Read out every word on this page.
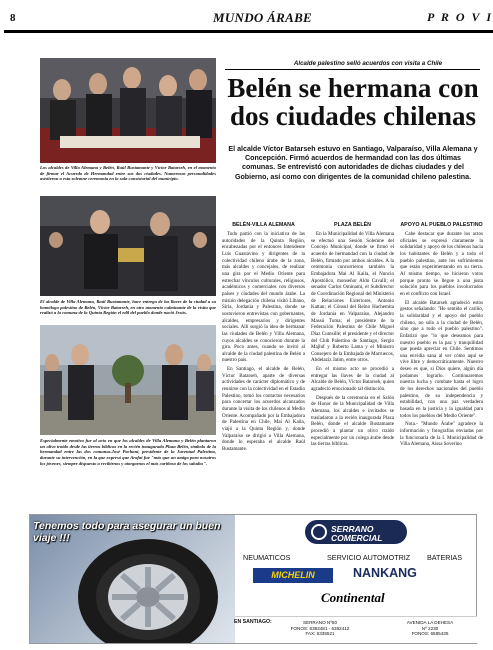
8	MUNDO ÁRABE	P R O V I
Los alcaldes de Villa Alemana y Belén, Raúl Bustamante y Víctor Batarseh, en el momento de firmar el Acuerdo de Hermandad entre sus dos ciudades. Numerosas personalidades asistieron a esta solemne ceremonia en la sala consistorial del municipio.
El alcalde de Villa Alemana, Raúl Bustamante, hace entrega de las llaves de la ciudad a su homólogo palestino de Belén, Víctor Batarseh, en otro momento culminante de la visita que realizó a la comuna de la Quinta Región el edil del pueblo donde nació Jesús.
Especialmente emotivo fue al acto en que los alcaldes de Villa Alemana y Belén plantaron un olivo traído desde las tierras bíblicas en la recién inaugurada Plaza Belén, símbolo de la hermandad entre las dos comunas.José Pachani, presidente de la Juventud Palestina, durante su intervención, en la que expresó que Arafat fue "más que un amigo para nosotros los jóvenes, siempre dispuesto a recibirnos y otorgarnos el más cariñoso de los saludos".
Alcalde palestino selló acuerdos con visita a Chile
Belén se hermana con dos ciudades chilenas
El alcalde Víctor Batarseh estuvo en Santiago, Valparaíso, Villa Alemana y Concepción. Firmó acuerdos de hermandad con las dos últimas comunas. Se entrevistó con autoridades de dichas ciudades y del Gobierno, así como con dirigentes de la comunidad chileno palestina.
BELÉN-VILLA ALEMANA

Todo partió con la iniciativa de las autoridades de la Quinta Región, encabezadas por el entonces Intendente Luis Guastavino y dirigentes de la colectividad chileno árabe de la zona, más alcaldes y concejales, de realizar una gira por el Medio Oriente para estrechar vínculos culturales, religiosos, académicos y comerciales con diversos países y ciudades del mundo árabe. La misión delegación chilena visitó Líbano, Siria, Jordania y Palestina, donde se sostuvieron entrevistas con gobernantes, alcaldes, empresarios y dirigentes sociales. Allí surgió la idea de hermanar las ciudades de Belén y Villa Alemana, cuyos alcaldes se conocieron durante la gira. Poco antes, cuando se invitó al alcalde de la ciudad palestina de Belén a nuestro país.

En Santiago, el alcalde de Belén, Víctor Batarseh, aparte de diversas actividades de carácter diplomático y de reunirse con la colectividad en el Estadio Palestino, tomó los contactos necesarios para concertar los acuerdos alcanzados durante la visita de los chilenos al Medio Oriente. Acompañado por la Embajadora de Palestina en Chile, Mai Al Kaila, viajó a la Quinta Región y, donde Valparaíso se dirigió a Villa Alemana, donde lo esperaba el alcalde Raúl Bustamante.

PLAZA BELÉN

En la Municipalidad de Villa Alemana se efectuó una Sesión Solemne del Concejo Municipal, donde se firmó el acuerdo de hermandad con la ciudad de Belén, firmado por ambos alcaldes. A la ceremonia concurrieron también la Embajadora Mai Al Kaila, el Nuncio Apostólico, monseñor Aldo Cavalli; el senador Carlos Ominami, el Subdirector de Coordinación Regional del Ministerio de Relaciones Exteriores, Antonio Kattan; el Cónsul del Reino Hachemita de Jordania en Valparaíso, Alejandro Massú Tuma; el presidente de la Federación Palestina de Chile Miguel Díaz Cumsille; el presidente y el director del Club Palestino de Santiago, Sergio Majluf y Roberto Lama y el Ministro Consejero de la Embajada de Marruecos, Abdelaziz Jatim, entre otros.

En el mismo acto se procedió a entregar las llaves de la ciudad al Alcalde de Belén, Víctor Batarseh, quien agradeció emocionado tal distinción.

Después de la ceremonia en el Salón de Honor de la Municipalidad de Villa Alemana, los alcaldes e invitados se trasladaron a la recién inaugurada Plaza Belén, donde el alcalde Bustamante procedió a plantar un olivo traído especialmente por un colega árabe desde las tierras bíblicas.

APOYO AL PUEBLO PALESTINO

Cabe destacar que durante los actos oficiales se expresó claramente la solidaridad y apoyo de los chilenos hacia los habitantes de Belén y a todo el pueblo palestino, ante los sufrimientos que están experimentando en su tierra. Al mismo tiempo, se hicieron votos porque pronto se llegue a una justa solución para los pueblos involucrados en el conflicto con Israel.

El alcalde Batarseh agradeció estos gestos señalando: "He sentido el cariño, la solidaridad y el apoyo del pueblo chileno, no sólo a la ciudad de Belén, sino que a todo el pueblo palestino". Enfatizó que "lo que deseamos para nuestro pueblo es la paz y tranquilidad que pueda apreciar en Chile. Sentimos una envidia sana al ver cómo aquí se vive libre y democráticamente. Nuestro deseo es que, si Dios quiere, algún día podamos lograrlo. Continuaremos nuestra lucha y combate hasta el logro de los derechos nacionales del pueblo palestino, de su independencia y estabilidad, con una paz verdadera basada en la justicia y la igualdad para todos los pueblos del Medio Oriente".

Nota.- "Mundo Árabe" agradece la información y fotografías enviadas por la funcionaria de la I. Municipalidad de Villa Alemana, Aissa Soverino

Tenemos todo para asegurar un buen viaje !!!
SERRANO
COMERCIAL
NEUMATICOS	SERVICIO AUTOMOTRIZ BATERIAS
MICHELIN	NANKANG
Continental
EN SANTIAGO:	SERRANO Nº50
FONOS: 6393481 - 6382412
FAX: 6335521
AVENIDA LA DEHESA
Nº 2230
FONOS: 6585435
